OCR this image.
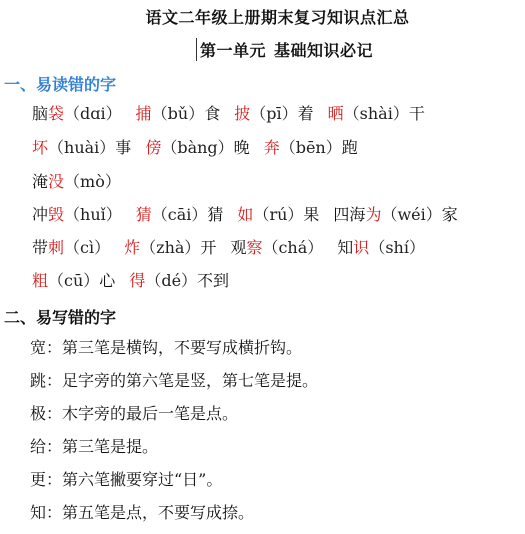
语文二年级上册期末复习知识点汇总
第一单元 基础知识必记
一、易读错的字
脑袋（dɑi） 捕（bǔ）食 披（pī）着 晒（shài）干
坏（huài）事 傍（bàng）晚 奔（bēn）跑
淹没（mò）
冲毁（huǐ） 猜（cāi）猜 如（rú）果 四海为（wéi）家
带刺（cì） 炸（zhà）开 观察（chá） 知识（shí）
粗（cū）心 得（dé）不到
二、易写错的字
宽：第三笔是横钩，不要写成横折钩。
跳：足字旁的第六笔是竖，第七笔是提。
极：木字旁的最后一笔是点。
给：第三笔是提。
更：第六笔撇要穿过“日”。
知：第五笔是点，不要写成捺。
